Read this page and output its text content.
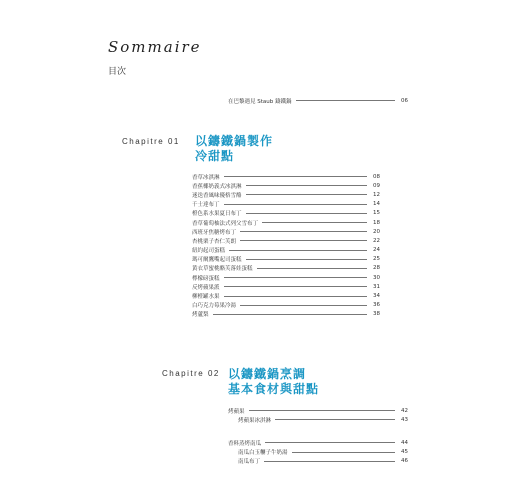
Sommaire
目次
在巴黎遇見 Staub 鑄鐵鍋	06
Chapitre 01 以鑄鐵鍋製作
冷甜點
香草冰淇淋	08
香蕉椰奶義式冰淇淋	09
迷迭香風味優格雪酪	12
千士達布丁	14
橙色系水果夏日布丁	15
香草葡萄柚法式列父雪布丁	18
西班牙焦糖烤布丁	20
杏桃栗子杏仁芙朗	22
紐約起司蛋糕	24
瑪可爾鷹嘴起司蛋糕	25
黃衣草蜜桃酪芙落娃蛋糕	28
檸檬磅蛋糕	30
反烤蘋果派	31
柳橙罐水果	34
白巧克力莓果冷湯	36
烤蘆梨	38
Chapitre 02 以鑄鐵鍋烹調
基本食材與甜點
烤蘋果	42
烤蘋果冰淇淋	43
香料蒸烤南瓜	44
南瓜白玉糰子牛奶湯	45
南瓜布丁	46
